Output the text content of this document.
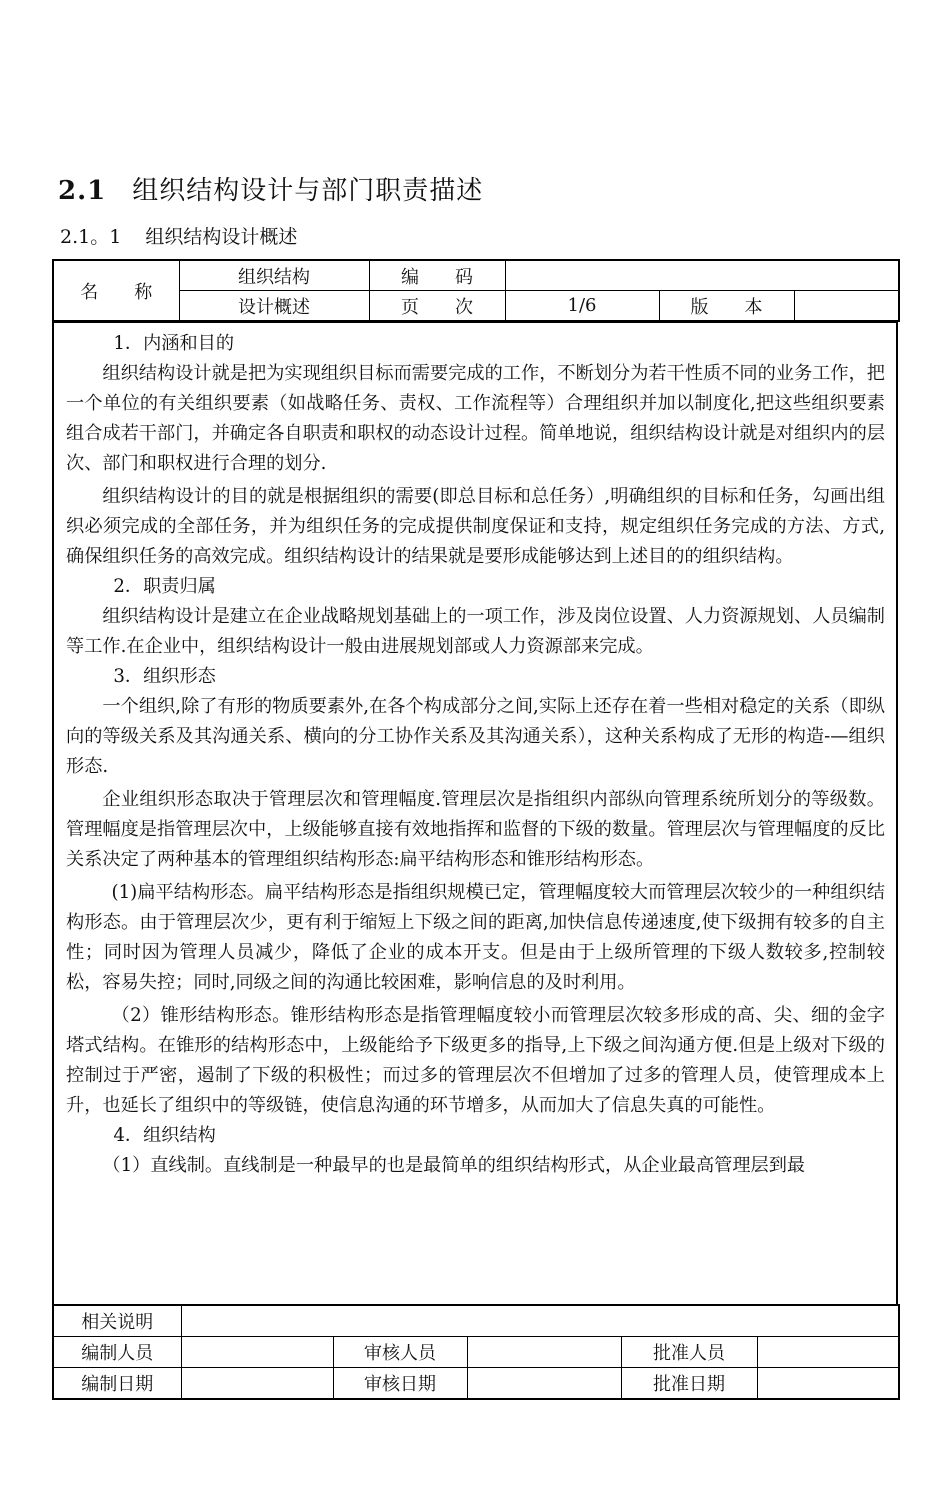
2.1 组织结构设计与部门职责描述
2.1。1 组织结构设计概述
名　　称	组织结构	编　　码			
	设计概述	页　　次	1/6	版　　本	

1．内涵和目的

组织结构设计就是把为实现组织目标而需要完成的工作，不断划分为若干性质不同的业务工作，把一个单位的有关组织要素（如战略任务、责权、工作流程等）合理组织并加以制度化,把这些组织要素组合成若干部门，并确定各自职责和职权的动态设计过程。简单地说，组织结构设计就是对组织内的层次、部门和职权进行合理的划分.

组织结构设计的目的就是根据组织的需要(即总目标和总任务）,明确组织的目标和任务，勾画出组织必须完成的全部任务，并为组织任务的完成提供制度保证和支持，规定组织任务完成的方法、方式,确保组织任务的高效完成。组织结构设计的结果就是要形成能够达到上述目的的组织结构。

2．职责归属

组织结构设计是建立在企业战略规划基础上的一项工作，涉及岗位设置、人力资源规划、人员编制等工作.在企业中，组织结构设计一般由进展规划部或人力资源部来完成。

3．组织形态

一个组织,除了有形的物质要素外,在各个构成部分之间,实际上还存在着一些相对稳定的关系（即纵向的等级关系及其沟通关系、横向的分工协作关系及其沟通关系），这种关系构成了无形的构造-—组织形态.

企业组织形态取决于管理层次和管理幅度.管理层次是指组织内部纵向管理系统所划分的等级数。管理幅度是指管理层次中，上级能够直接有效地指挥和监督的下级的数量。管理层次与管理幅度的反比关系决定了两种基本的管理组织结构形态:扁平结构形态和锥形结构形态。

(1)扁平结构形态。扁平结构形态是指组织规模已定，管理幅度较大而管理层次较少的一种组织结构形态。由于管理层次少，更有利于缩短上下级之间的距离,加快信息传递速度,使下级拥有较多的自主性；同时因为管理人员减少，降低了企业的成本开支。但是由于上级所管理的下级人数较多,控制较松，容易失控；同时,同级之间的沟通比较困难，影响信息的及时利用。

（2）锥形结构形态。锥形结构形态是指管理幅度较小而管理层次较多形成的高、尖、细的金字塔式结构。在锥形的结构形态中，上级能给予下级更多的指导,上下级之间沟通方便.但是上级对下级的控制过于严密，遏制了下级的积极性；而过多的管理层次不但增加了过多的管理人员，使管理成本上升，也延长了组织中的等级链，使信息沟通的环节增多，从而加大了信息失真的可能性。

4．组织结构

（1）直线制。直线制是一种最早的也是最简单的组织结构形式，从企业最高管理层到最

相关说明					
编制人员		审核人员		批准人员	
编制日期		审核日期		批准日期	
